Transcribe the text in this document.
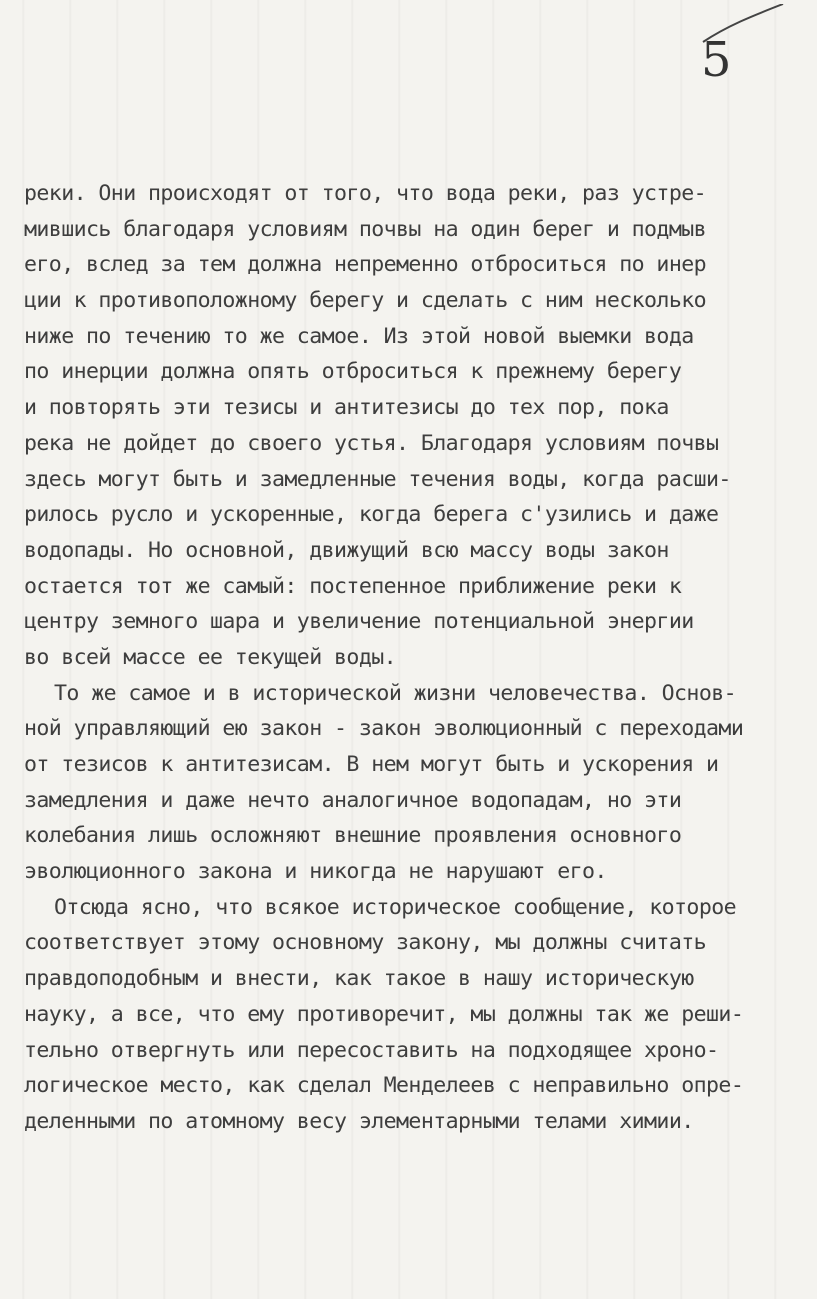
5
реки. Они происходят от того, что вода реки, раз устре-
мившись благодаря условиям почвы на один берег и подмыв
его, вслед за тем должна непременно отброситься по инер
ции к противоположному берегу и сделать с ним несколько
ниже по течению то же самое. Из этой новой выемки вода
по инерции должна опять отброситься к прежнему берегу
и повторять эти тезисы и антитезисы до тех пор, пока
река не дойдет до своего устья. Благодаря условиям почвы
здесь могут быть и замедленные течения воды, когда расши-
рилось русло и ускоренные, когда берега с'узились и даже
водопады. Но основной, движущий всю массу воды закон
остается тот же самый: постепенное приближение реки к
центру земного шара и увеличение потенциальной энергии
во всей массе ее текущей воды.
То же самое и в исторической жизни человечества. Основ-
ной управляющий ею закон - закон эволюционный с переходами
от тезисов к антитезисам. В нем могут быть и ускорения и
замедления и даже нечто аналогичное водопадам, но эти
колебания лишь осложняют внешние проявления основного
эволюционного закона и никогда не нарушают его.
Отсюда ясно, что всякое историческое сообщение, которое
соответствует этому основному закону, мы должны считать
правдоподобным и внести, как такое в нашу историческую
науку, а все, что ему противоречит, мы должны так же реши-
тельно отвергнуть или пересоставить на подходящее хроно-
логическое место, как сделал Менделеев с неправильно опре-
деленными по атомному весу элементарными телами химии.
